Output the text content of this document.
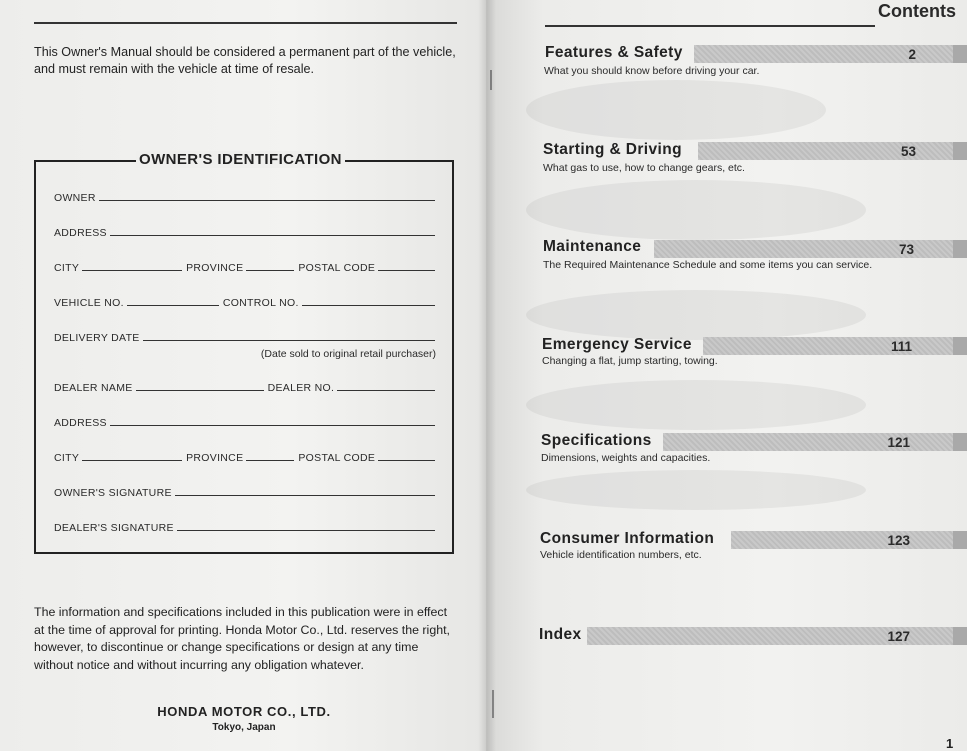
This Owner's Manual should be considered a permanent part of the vehicle, and must remain with the vehicle at time of resale.
OWNER'S IDENTIFICATION
OWNER
ADDRESS
CITY	PROVINCE	POSTAL CODE
VEHICLE NO.	CONTROL NO.
DELIVERY DATE
(Date sold to original retail purchaser)
DEALER NAME	DEALER NO.
ADDRESS
CITY	PROVINCE	POSTAL CODE
OWNER'S SIGNATURE
DEALER'S SIGNATURE
The information and specifications included in this publication were in effect at the time of approval for printing. Honda Motor Co., Ltd. reserves the right, however, to discontinue or change specifications or design at any time without notice and without incurring any obligation whatever.
HONDA MOTOR CO., LTD.
Tokyo, Japan
Contents
Features & Safety	2
What you should know before driving your car.
Starting & Driving	53
What gas to use, how to change gears, etc.
Maintenance	73
The Required Maintenance Schedule and some items you can service.
Emergency Service	111
Changing a flat, jump starting, towing.
Specifications	121
Dimensions, weights and capacities.
Consumer Information	123
Vehicle identification numbers, etc.
Index	127
1
